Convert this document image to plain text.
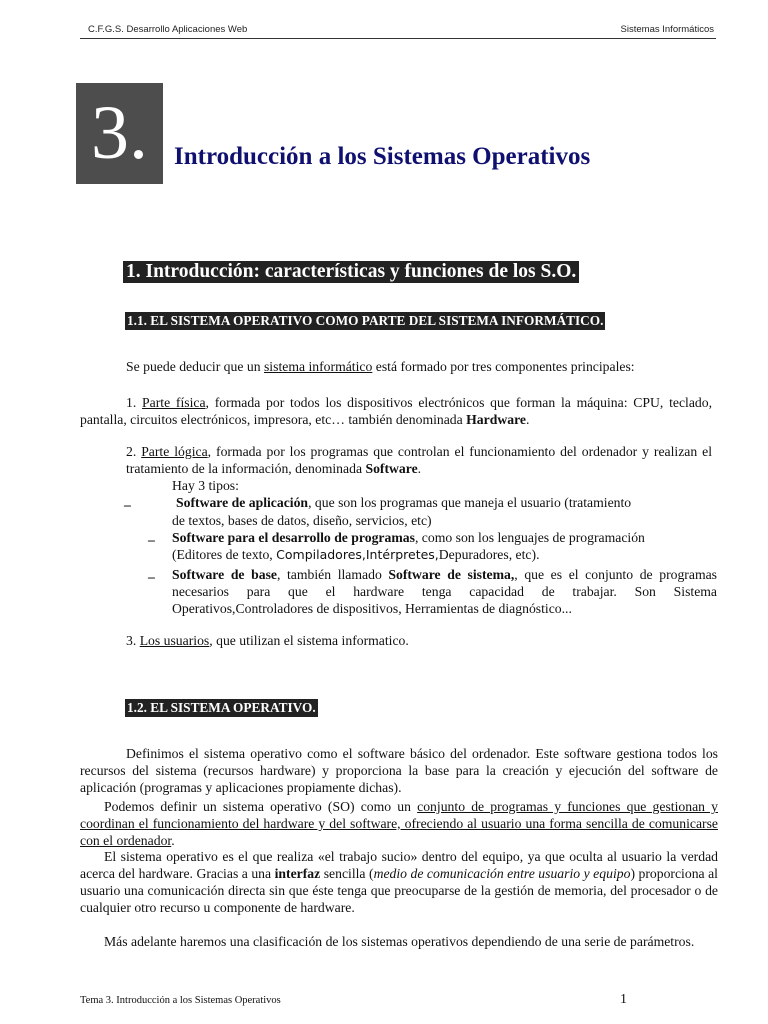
C.F.G.S. Desarrollo Aplicaciones Web	Sistemas Informáticos
3.	Introducción a los Sistemas Operativos
1. Introducción: características y funciones de los S.O.
1.1. EL SISTEMA OPERATIVO COMO PARTE DEL SISTEMA INFORMÁTICO.

Se puede deducir que un sistema informático está formado por tres componentes principales:

1. Parte física, formada por todos los dispositivos electrónicos que forman la máquina: CPU, teclado, pantalla, circuitos electrónicos, impresora, etc… también denominada Hardware.

2. Parte lógica, formada por los programas que controlan el funcionamiento del ordenador y realizan el tratamiento de la información, denominada Software.

Hay 3 tipos:

–	Software de aplicación, que son los programas que maneja el usuario (tratamiento

de textos, bases de datos, diseño, servicios, etc)

– Software para el desarrollo de programas, como son los lenguajes de programación

(Editores de texto, Compiladores,Intérpretes,Depuradores, etc).

– Software de base, también llamado Software de sistema,, que es el conjunto de programas necesarios para que el hardware tenga capacidad de trabajar. Son Sistema Operativos,Controladores de dispositivos, Herramientas de diagnóstico...

3. Los usuarios, que utilizan el sistema informatico.

1.2. EL SISTEMA OPERATIVO.

Definimos el sistema operativo como el software básico del ordenador. Este software gestiona todos los recursos del sistema (recursos hardware) y proporciona la base para la creación y ejecución del software de aplicación (programas y aplicaciones propiamente dichas).

Podemos definir un sistema operativo (SO) como un conjunto de programas y funciones que gestionan y coordinan el funcionamiento del hardware y del software, ofreciendo al usuario una forma sencilla de comunicarse con el ordenador.

El sistema operativo es el que realiza «el trabajo sucio» dentro del equipo, ya que oculta al usuario la verdad acerca del hardware. Gracias a una interfaz sencilla (medio de comunicación entre usuario y equipo) proporciona al usuario una comunicación directa sin que éste tenga que preocuparse de la gestión de memoria, del procesador o de cualquier otro recurso u componente de hardware.

Más adelante haremos una clasificación de los sistemas operativos dependiendo de una serie de parámetros.

Tema 3. Introducción a los Sistemas Operativos	1
